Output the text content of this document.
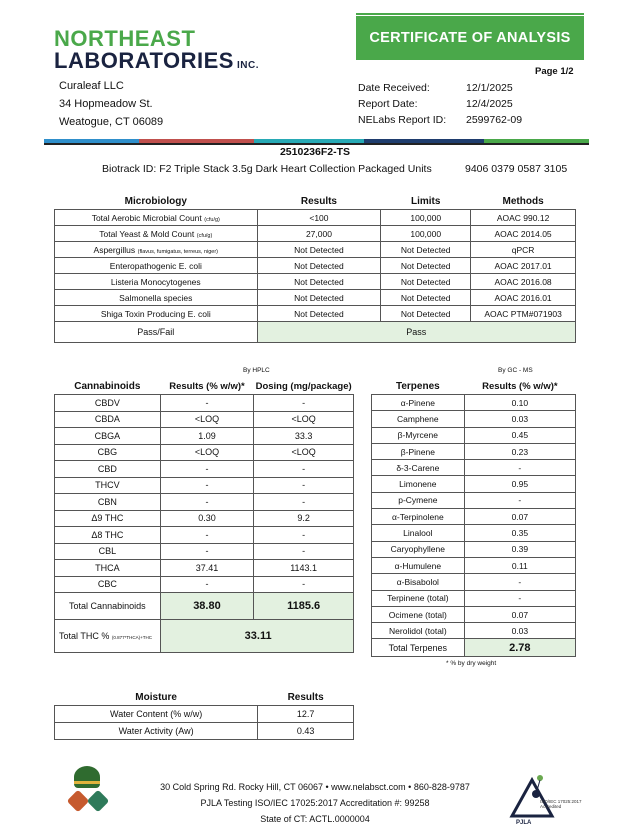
NORTHEAST
LABORATORIES INC.
CERTIFICATE OF ANALYSIS
Page 1/2
Curaleaf LLC
34 Hopmeadow St.
Weatogue, CT 06089
Date Received:	12/1/2025
Report Date:	12/4/2025
NELabs Report ID: 2599762-09
2510236F2-TS
Biotrack ID: F2 Triple Stack 3.5g Dark Heart Collection Packaged Units	9406 0379 0587 3105
Microbiology	Results	Limits	Methods
Total Aerobic Microbial Count (cfu/g)	<100	100,000	AOAC 990.12
Total Yeast & Mold Count (cfu/g)	27,000	100,000	AOAC 2014.05
Aspergillus (flavus, fumigatus, terreus, niger)	Not Detected	Not Detected	qPCR
Enteropathogenic E. coli	Not Detected	Not Detected	AOAC 2017.01
Listeria Monocytogenes	Not Detected	Not Detected	AOAC 2016.08
Salmonella species	Not Detected	Not Detected	AOAC 2016.01
Shiga Toxin Producing E. coli	Not Detected	Not Detected	AOAC PTM#071903
Pass/Fail	Pass		
By HPLC
Cannabinoids	Results (% w/w)*	Dosing (mg/package)
CBDV	-	-
CBDA	<LOQ	<LOQ
CBGA	1.09	33.3
CBG	<LOQ	<LOQ
CBD	-	-
THCV	-	-
CBN	-	-
Δ9 THC	0.30	9.2
Δ8 THC	-	-
CBL	-	-
THCA	37.41	1143.1
CBC	-	-
Total Cannabinoids	38.80	1185.6
Total THC % (0.877*THCA)+THC	33.11	
By GC - MS
Terpenes	Results (% w/w)*
α-Pinene	0.10
Camphene	0.03
β-Myrcene	0.45
β-Pinene	0.23
δ-3-Carene	-
Limonene	0.95
p-Cymene	-
α-Terpinolene	0.07
Linalool	0.35
Caryophyllene	0.39
α-Humulene	0.11
α-Bisabolol	-
Terpinene (total)	-
Ocimene (total)	0.07
Nerolidol (total)	0.03
Total Terpenes	2.78
* % by dry weight
Moisture	Results
Water Content (% w/w)	12.7
Water Activity (Aw)	0.43
30 Cold Spring Rd. Rocky Hill, CT 06067 • www.nelabsct.com • 860-828-9787
PJLA Testing ISO/IEC 17025:2017 Accreditation #: 99258
State of CT: ACTL.0000004
ISO/IEC 17025:2017 Accredited
PJLA
